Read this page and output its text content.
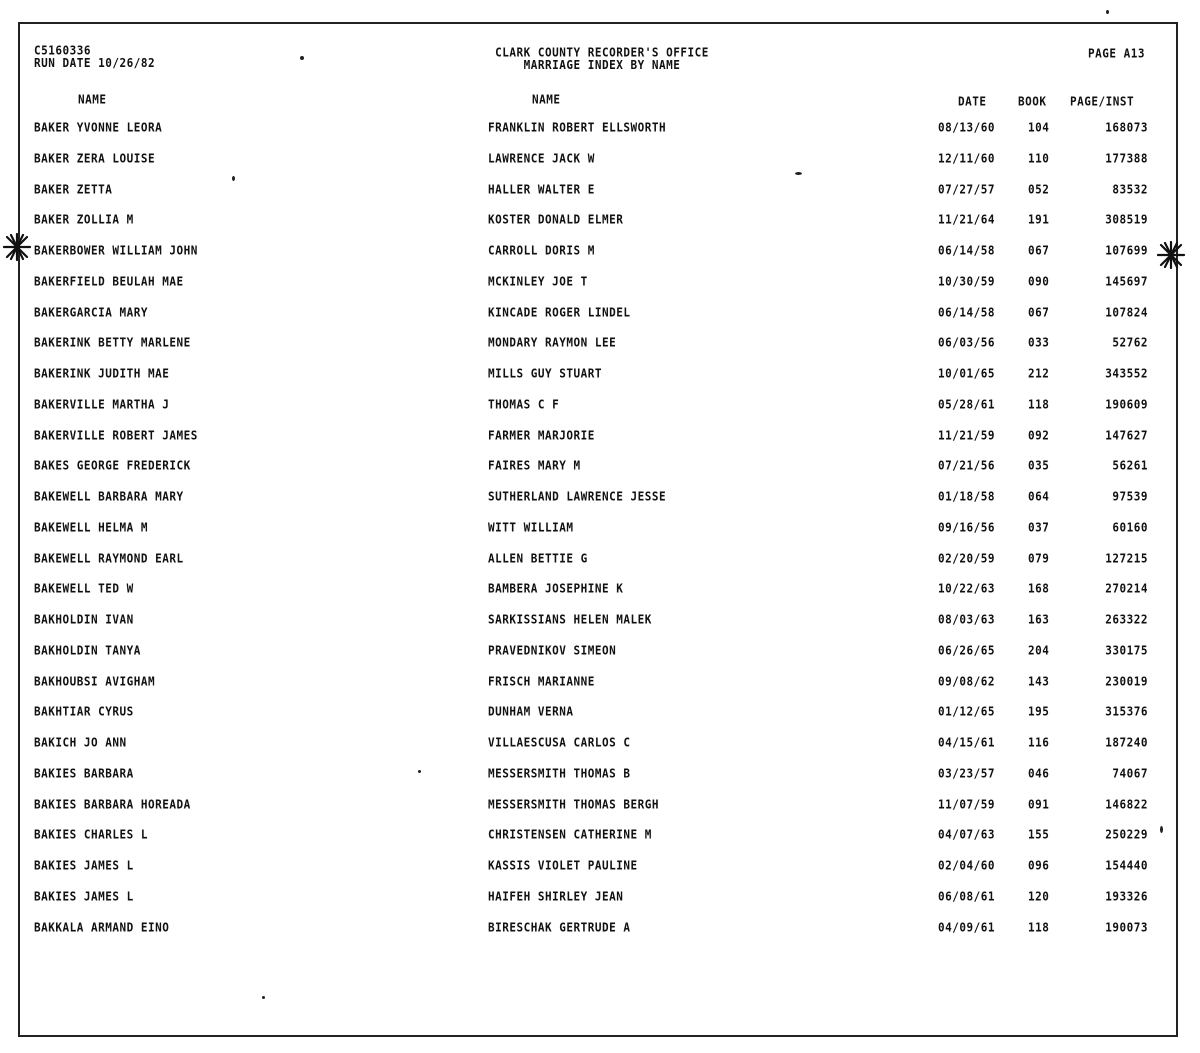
C5160336
RUN DATE 10/26/82
CLARK COUNTY RECORDER'S OFFICE
MARRIAGE INDEX BY NAME
PAGE A13
NAME	NAME	DATE	BOOK PAGE/INST
BAKER YVONNE LEORA	FRANKLIN ROBERT ELLSWORTH	08/13/60	104	168073
BAKER ZERA LOUISE	LAWRENCE JACK W	12/11/60	110	177388
BAKER ZETTA	HALLER WALTER E	07/27/57	052	83532
BAKER ZOLLIA M	KOSTER DONALD ELMER	11/21/64	191	308519
BAKERBOWER WILLIAM JOHN	CARROLL DORIS M	06/14/58	067	107699
BAKERFIELD BEULAH MAE	MCKINLEY JOE T	10/30/59	090	145697
BAKERGARCIA MARY	KINCADE ROGER LINDEL	06/14/58	067	107824
BAKERINK BETTY MARLENE	MONDARY RAYMON LEE	06/03/56	033	52762
BAKERINK JUDITH MAE	MILLS GUY STUART	10/01/65	212	343552
BAKERVILLE MARTHA J	THOMAS C F	05/28/61	118	190609
BAKERVILLE ROBERT JAMES	FARMER MARJORIE	11/21/59	092	147627
BAKES GEORGE FREDERICK	FAIRES MARY M	07/21/56	035	56261
BAKEWELL BARBARA MARY	SUTHERLAND LAWRENCE JESSE	01/18/58	064	97539
BAKEWELL HELMA M	WITT WILLIAM	09/16/56	037	60160
BAKEWELL RAYMOND EARL	ALLEN BETTIE G	02/20/59	079	127215
BAKEWELL TED W	BAMBERA JOSEPHINE K	10/22/63	168	270214
BAKHOLDIN IVAN	SARKISSIANS HELEN MALEK	08/03/63	163	263322
BAKHOLDIN TANYA	PRAVEDNIKOV SIMEON	06/26/65	204	330175
BAKHOUBSI AVIGHAM	FRISCH MARIANNE	09/08/62	143	230019
BAKHTIAR CYRUS	DUNHAM VERNA	01/12/65	195	315376
BAKICH JO ANN	VILLAESCUSA CARLOS C	04/15/61	116	187240
BAKIES BARBARA	MESSERSMITH THOMAS B	03/23/57	046	74067
BAKIES BARBARA HOREADA	MESSERSMITH THOMAS BERGH	11/07/59	091	146822
BAKIES CHARLES L	CHRISTENSEN CATHERINE M	04/07/63	155	250229
BAKIES JAMES L	KASSIS VIOLET PAULINE	02/04/60	096	154440
BAKIES JAMES L	HAIFEH SHIRLEY JEAN	06/08/61	120	193326
BAKKALA ARMAND EINO	BIRESCHAK GERTRUDE A	04/09/61	118	190073
